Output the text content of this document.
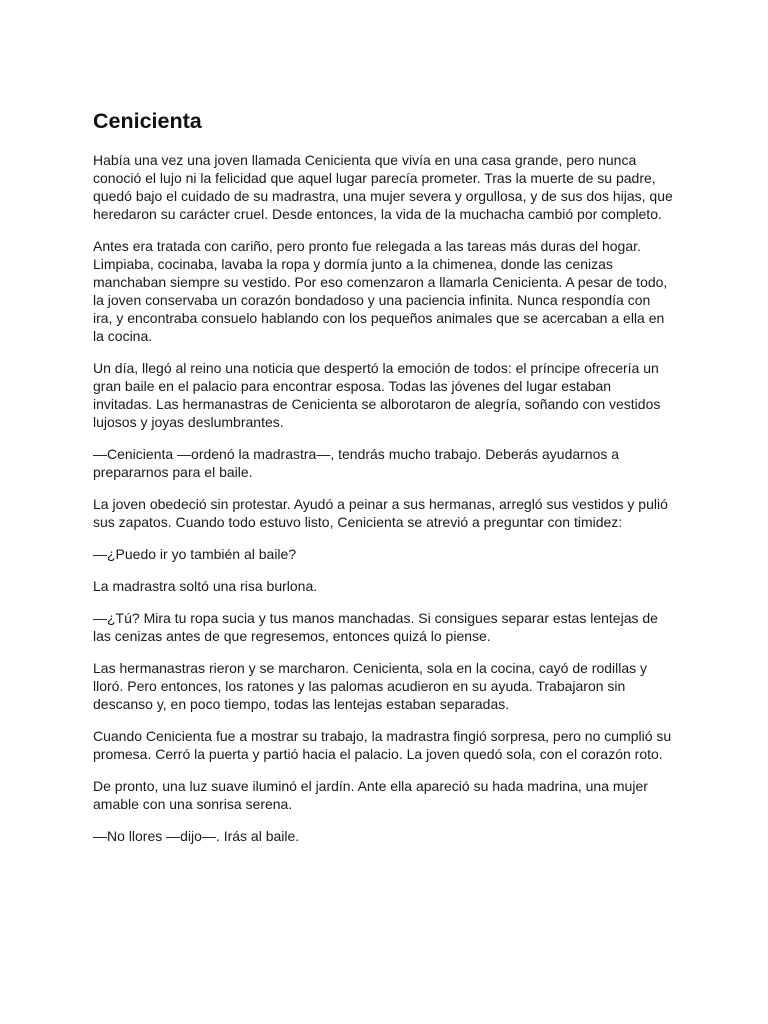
Cenicienta

Había una vez una joven llamada Cenicienta que vivía en una casa grande, pero nunca conoció el lujo ni la felicidad que aquel lugar parecía prometer. Tras la muerte de su padre, quedó bajo el cuidado de su madrastra, una mujer severa y orgullosa, y de sus dos hijas, que heredaron su carácter cruel. Desde entonces, la vida de la muchacha cambió por completo.

Antes era tratada con cariño, pero pronto fue relegada a las tareas más duras del hogar. Limpiaba, cocinaba, lavaba la ropa y dormía junto a la chimenea, donde las cenizas manchaban siempre su vestido. Por eso comenzaron a llamarla Cenicienta. A pesar de todo, la joven conservaba un corazón bondadoso y una paciencia infinita. Nunca respondía con ira, y encontraba consuelo hablando con los pequeños animales que se acercaban a ella en la cocina.

Un día, llegó al reino una noticia que despertó la emoción de todos: el príncipe ofrecería un gran baile en el palacio para encontrar esposa. Todas las jóvenes del lugar estaban invitadas. Las hermanastras de Cenicienta se alborotaron de alegría, soñando con vestidos lujosos y joyas deslumbrantes.

—Cenicienta —ordenó la madrastra—, tendrás mucho trabajo. Deberás ayudarnos a prepararnos para el baile.

La joven obedeció sin protestar. Ayudó a peinar a sus hermanas, arregló sus vestidos y pulió sus zapatos. Cuando todo estuvo listo, Cenicienta se atrevió a preguntar con timidez:

—¿Puedo ir yo también al baile?

La madrastra soltó una risa burlona.

—¿Tú? Mira tu ropa sucia y tus manos manchadas. Si consigues separar estas lentejas de las cenizas antes de que regresemos, entonces quizá lo piense.

Las hermanastras rieron y se marcharon. Cenicienta, sola en la cocina, cayó de rodillas y lloró. Pero entonces, los ratones y las palomas acudieron en su ayuda. Trabajaron sin descanso y, en poco tiempo, todas las lentejas estaban separadas.

Cuando Cenicienta fue a mostrar su trabajo, la madrastra fingió sorpresa, pero no cumplió su promesa. Cerró la puerta y partió hacia el palacio. La joven quedó sola, con el corazón roto.

De pronto, una luz suave iluminó el jardín. Ante ella apareció su hada madrina, una mujer amable con una sonrisa serena.

—No llores —dijo—. Irás al baile.
